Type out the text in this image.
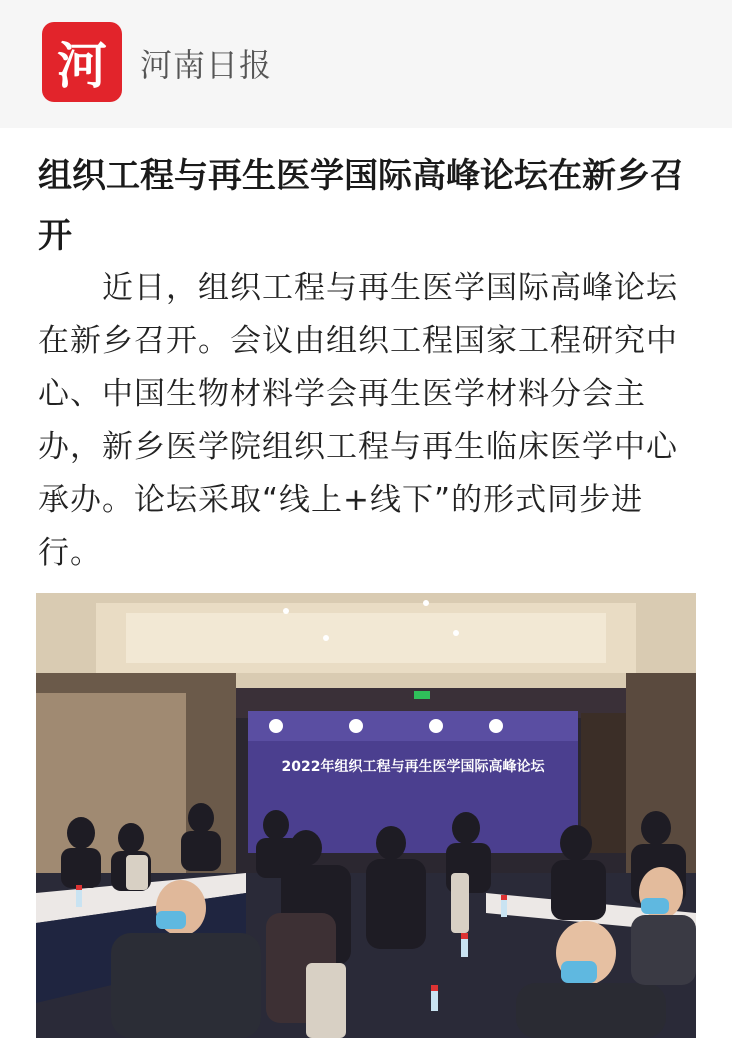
河 河南日报
组织工程与再生医学国际高峰论坛在新乡召开
近日，组织工程与再生医学国际高峰论坛在新乡召开。会议由组织工程国家工程研究中心、中国生物材料学会再生医学材料分会主办，新乡医学院组织工程与再生临床医学中心承办。论坛采取“线上+线下”的形式同步进行。
2022年组织工程与再生医学国际高峰论坛
